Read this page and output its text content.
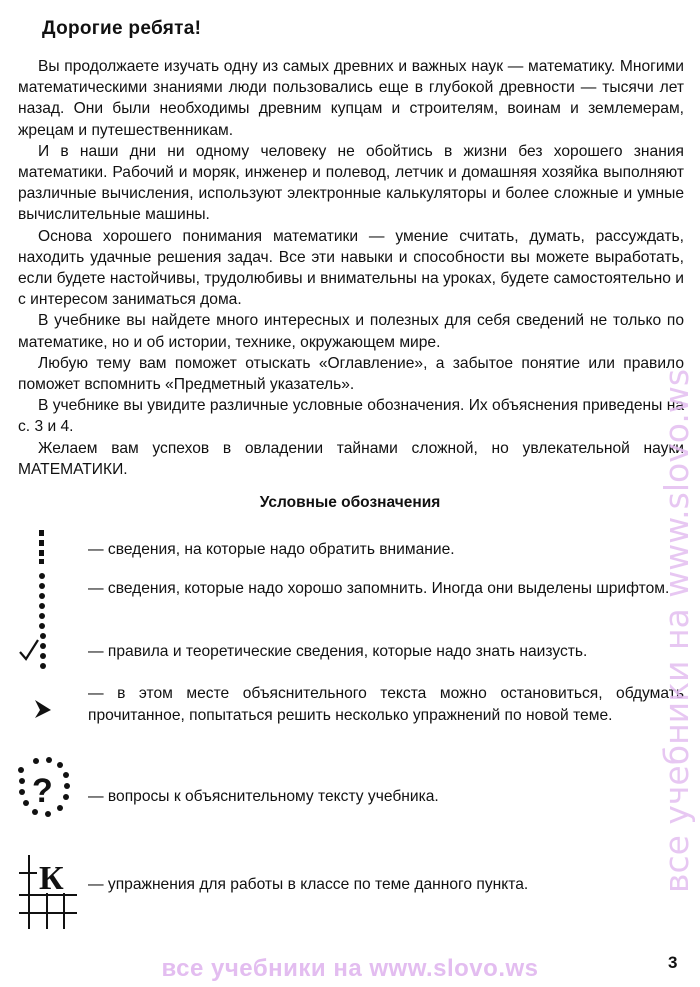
Дорогие ребята!

Вы продолжаете изучать одну из самых древних и важных наук — математику. Многими математическими знаниями люди пользовались еще в глубокой древности — тысячи лет назад. Они были необходимы древним купцам и строителям, воинам и землемерам, жрецам и путешественникам.

И в наши дни ни одному человеку не обойтись в жизни без хорошего знания математики. Рабочий и моряк, инженер и полевод, летчик и домашняя хозяйка выполняют различные вычисления, используют электронные калькуляторы и более сложные и умные вычислительные машины.

Основа хорошего понимания математики — умение считать, думать, рассуждать, находить удачные решения задач. Все эти навыки и способности вы можете выработать, если будете настойчивы, трудолюбивы и внимательны на уроках, будете самостоятельно и с интересом заниматься дома.

В учебнике вы найдете много интересных и полезных для себя сведений не только по математике, но и об истории, технике, окружающем мире.

Любую тему вам поможет отыскать «Оглавление», а забытое понятие или правило поможет вспомнить «Предметный указатель».

В учебнике вы увидите различные условные обозначения. Их объяснения приведены на с. 3 и 4.

Желаем вам успехов в овладении тайнами сложной, но увлекательной науки МАТЕМАТИКИ.

Условные обозначения
— сведения, на которые надо обратить внимание.
— сведения, которые надо хорошо запомнить. Иногда они выделены шрифтом.
— правила и теоретические сведения, которые надо знать наизусть.
— в этом месте объяснительного текста можно остановиться, обдумать прочитанное, попытаться решить несколько упражнений по новой теме.
? — вопросы к объяснительному тексту учебника.
К — упражнения для работы в классе по теме данного пункта.	все учебники на www.slovo.ws
все учебники на www.slovo.ws	3
